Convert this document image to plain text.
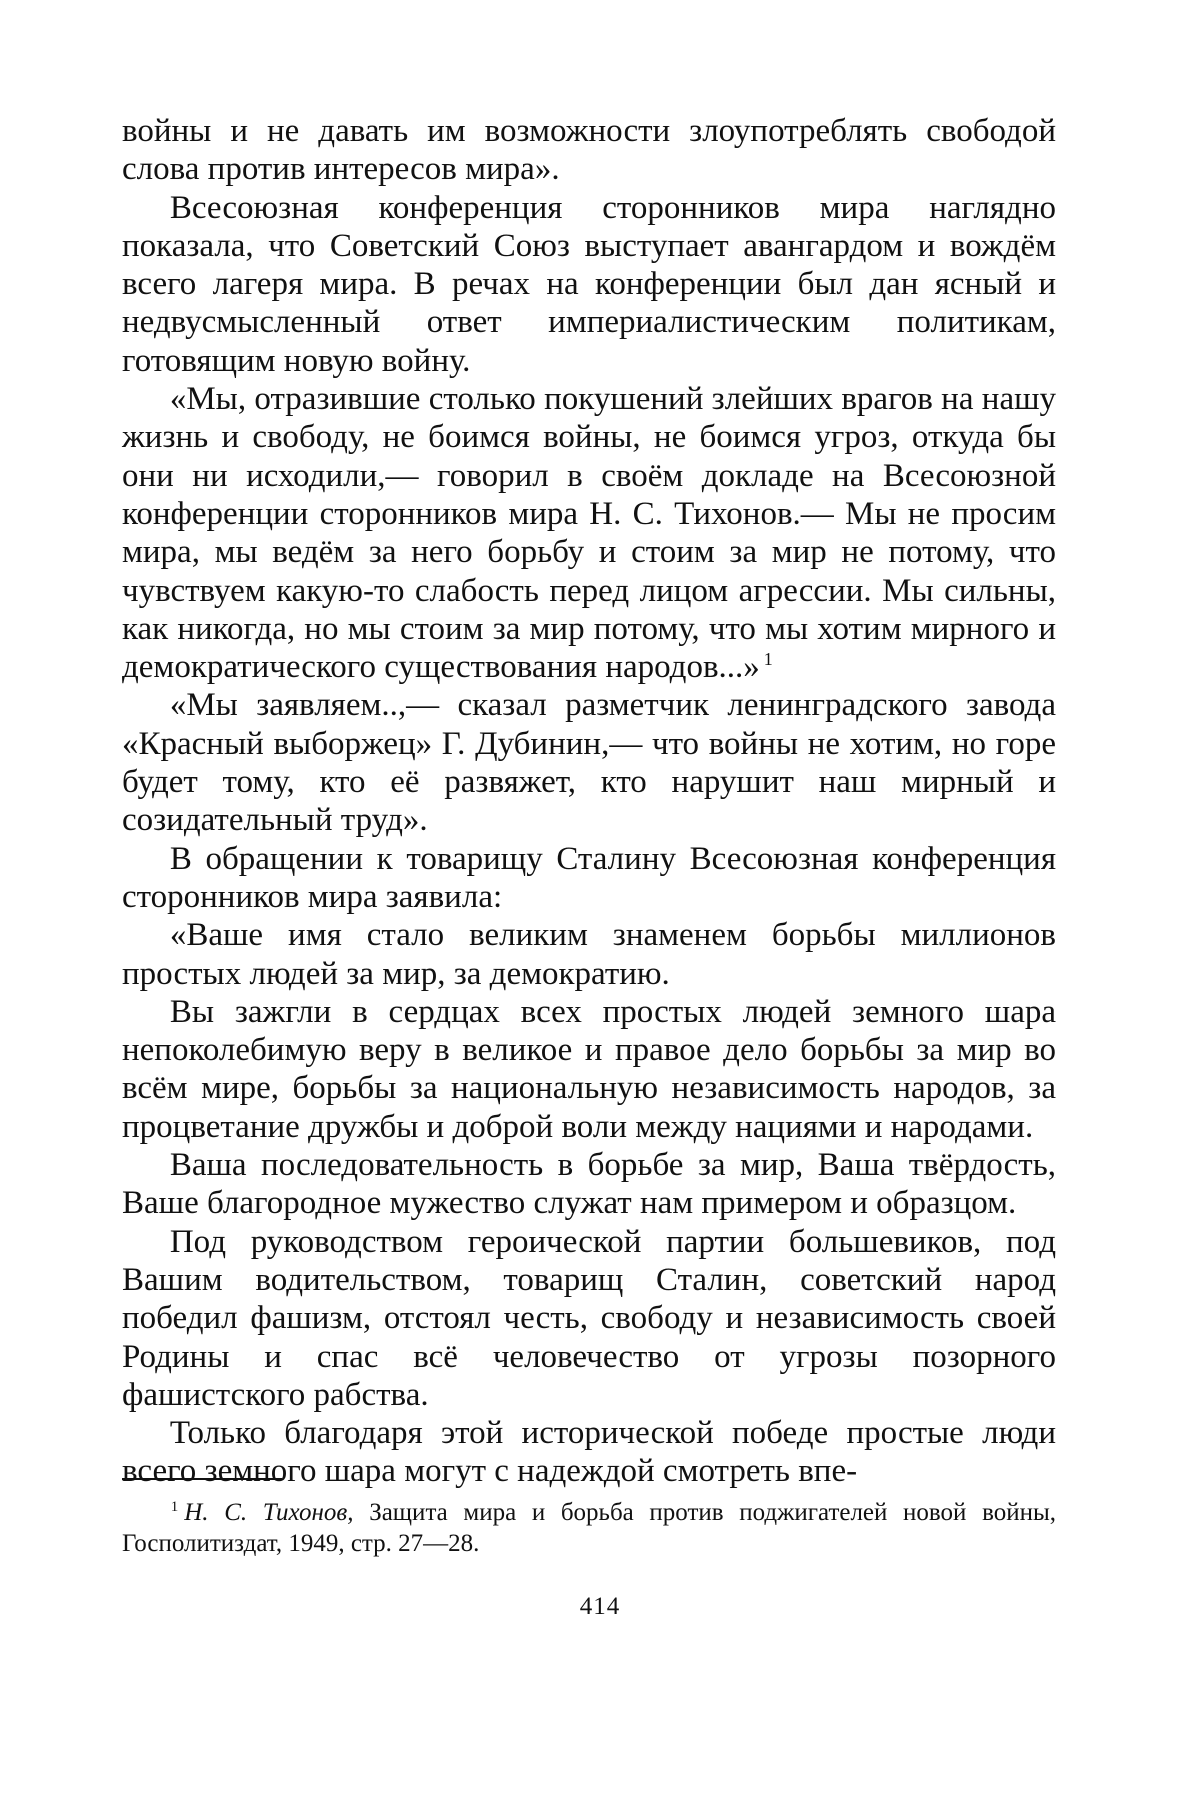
войны и не давать им возможности злоупотреблять свободой слова против интересов мира».

Всесоюзная конференция сторонников мира наглядно показала, что Советский Союз выступает авангардом и вождём всего лагеря мира. В речах на конференции был дан ясный и недвусмысленный ответ империалистическим политикам, готовящим новую войну.

«Мы, отразившие столько покушений злейших врагов на нашу жизнь и свободу, не боимся войны, не боимся угроз, откуда бы они ни исходили,— говорил в своём докладе на Всесоюзной конференции сторонников мира Н. С. Тихонов.— Мы не просим мира, мы ведём за него борьбу и стоим за мир не потому, что чувствуем какую-то слабость перед лицом агрессии. Мы сильны, как никогда, но мы стоим за мир потому, что мы хотим мирного и демократического существования народов...» $^1$

«Мы заявляем..,— сказал разметчик ленинградского завода «Красный выборжец» Г. Дубинин,— что войны не хотим, но горе будет тому, кто её развяжет, кто нарушит наш мирный и созидательный труд».

В обращении к товарищу Сталину Всесоюзная конференция сторонников мира заявила:

«Ваше имя стало великим знаменем борьбы миллионов простых людей за мир, за демократию.

Вы зажгли в сердцах всех простых людей земного шара непоколебимую веру в великое и правое дело борьбы за мир во всём мире, борьбы за национальную независимость народов, за процветание дружбы и доброй воли между нациями и народами.

Ваша последовательность в борьбе за мир, Ваша твёрдость, Ваше благородное мужество служат нам примером и образцом.

Под руководством героической партии большевиков, под Вашим водительством, товарищ Сталин, советский народ победил фашизм, отстоял честь, свободу и независимость своей Родины и спас всё человечество от угрозы позорного фашистского рабства.

Только благодаря этой исторической победе простые люди всего земного шара могут с надеждой смотреть впе-

$^1$ Н. С. Тихонов, Защита мира и борьба против поджигателей новой войны, Госполитиздат, 1949, стр. 27—28.
414
